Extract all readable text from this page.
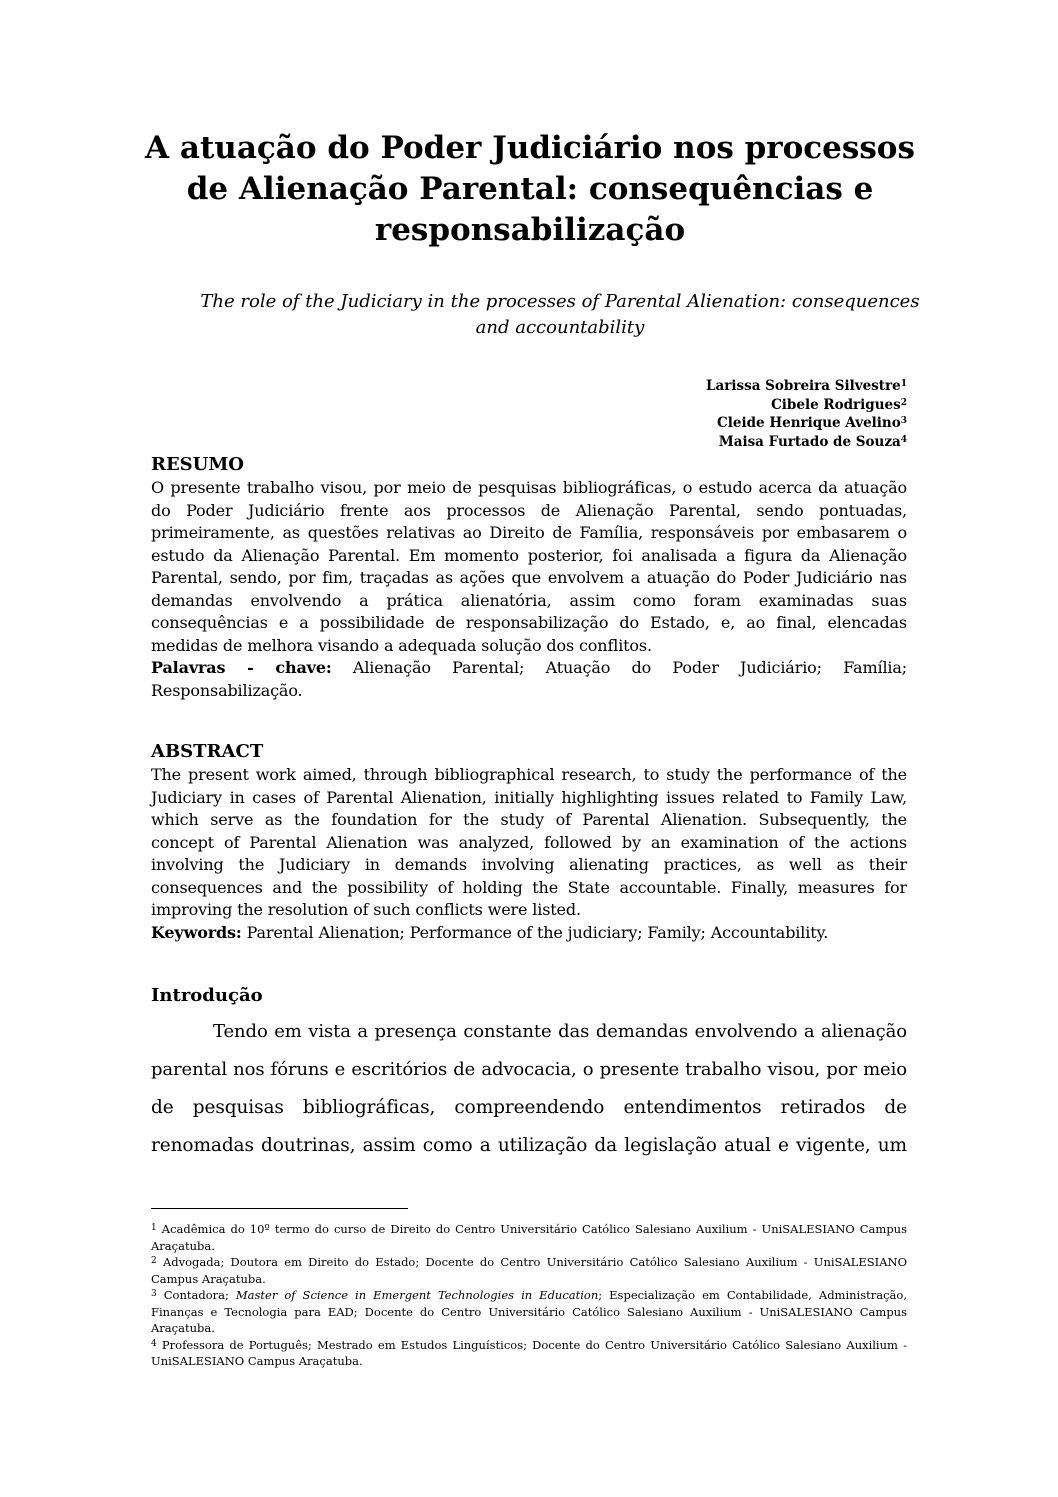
A atuação do Poder Judiciário nos processos
de Alienação Parental: consequências e
responsabilização
The role of the Judiciary in the processes of Parental Alienation: consequences
and accountability
Larissa Sobreira Silvestre$^1$
Cibele Rodrigues$^2$
Cleide Henrique Avelino$^3$
Maisa Furtado de Souza$^4$
RESUMO
O presente trabalho visou, por meio de pesquisas bibliográficas, o estudo acerca da atuação
do Poder Judiciário frente aos processos de Alienação Parental, sendo pontuadas,
primeiramente, as questões relativas ao Direito de Família, responsáveis por embasarem o
estudo da Alienação Parental. Em momento posterior, foi analisada a figura da Alienação
Parental, sendo, por fim, traçadas as ações que envolvem a atuação do Poder Judiciário nas
demandas envolvendo a prática alienatória, assim como foram examinadas suas
consequências e a possibilidade de responsabilização do Estado, e, ao final, elencadas
medidas de melhora visando a adequada solução dos conflitos.
Palavras - chave: Alienação Parental; Atuação do Poder Judiciário; Família;
Responsabilização.
ABSTRACT
The present work aimed, through bibliographical research, to study the performance of the
Judiciary in cases of Parental Alienation, initially highlighting issues related to Family Law,
which serve as the foundation for the study of Parental Alienation. Subsequently, the
concept of Parental Alienation was analyzed, followed by an examination of the actions
involving the Judiciary in demands involving alienating practices, as well as their
consequences and the possibility of holding the State accountable. Finally, measures for
improving the resolution of such conflicts were listed.
Keywords: Parental Alienation; Performance of the judiciary; Family; Accountability.
Introdução
Tendo em vista a presença constante das demandas envolvendo a alienação
parental nos fóruns e escritórios de advocacia, o presente trabalho visou, por meio
de pesquisas bibliográficas, compreendendo entendimentos retirados de
renomadas doutrinas, assim como a utilização da legislação atual e vigente, um
$^1$ Acadêmica do 10º termo do curso de Direito do Centro Universitário Católico Salesiano Auxilium - UniSALESIANO Campus
Araçatuba.
$^2$ Advogada; Doutora em Direito do Estado; Docente do Centro Universitário Católico Salesiano Auxilium - UniSALESIANO
Campus Araçatuba.
$^3$ Contadora; Master of Science in Emergent Technologies in Education; Especialização em Contabilidade, Administração,
Finanças e Tecnologia para EAD; Docente do Centro Universitário Católico Salesiano Auxilium - UniSALESIANO Campus
Araçatuba.
$^4$ Professora de Português; Mestrado em Estudos Linguísticos; Docente do Centro Universitário Católico Salesiano Auxilium -
UniSALESIANO Campus Araçatuba.
